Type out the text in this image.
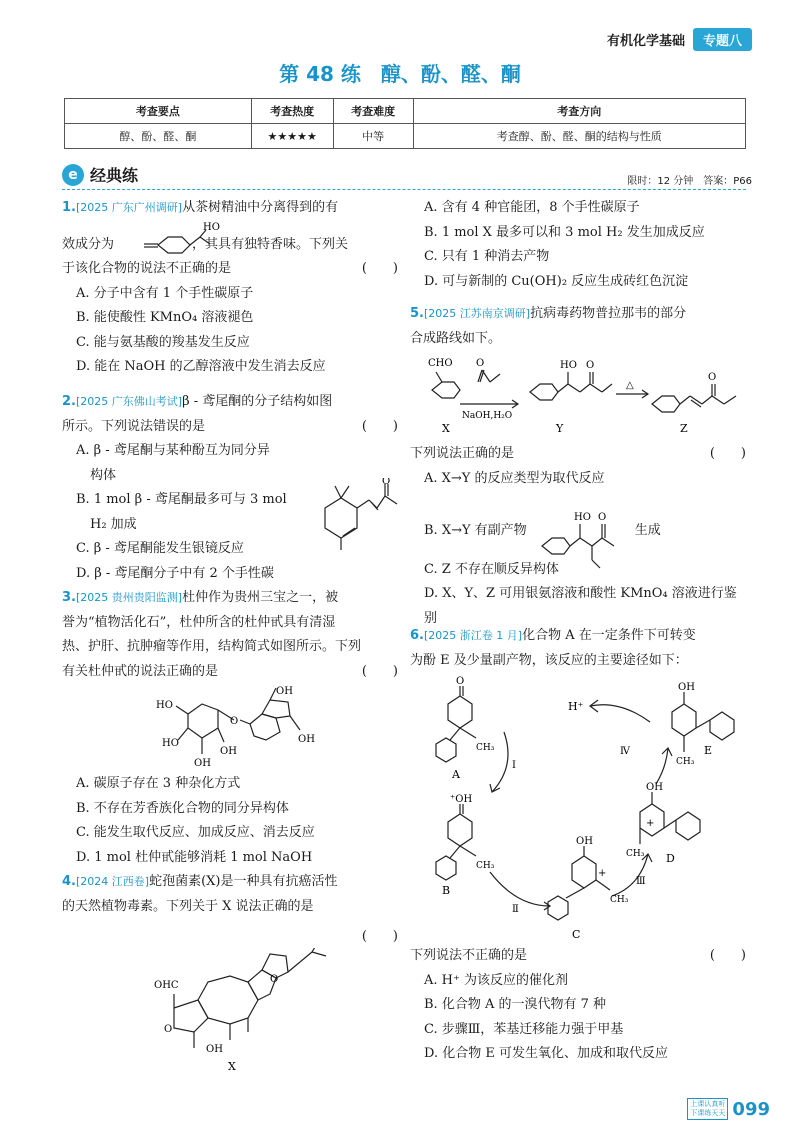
有机化学基础	专题八
第 48 练　醇、酚、醛、酮
考查要点	考查热度	考查难度	考查方向
醇、酚、醛、酮	★★★★★	中等	考查醇、酚、醛、酮的结构与性质
e 经典练	限时：12 分钟　答案：P66

1.[2025 广东广州调研]从茶树精油中分离得到的有

效成分为	，其具有独特香味。下列关

于该化合物的说法不正确的是	(　　)

A. 分子中含有 1 个手性碳原子

B. 能使酸性 KMnO₄ 溶液褪色

C. 能与氨基酸的羧基发生反应

D. 能在 NaOH 的乙醇溶液中发生消去反应

HO

2.[2025 广东佛山考试]β - 鸢尾酮的分子结构如图

所示。下列说法错误的是	(　　)

A. β - 鸢尾酮与某种酚互为同分异

构体

B. 1 mol β - 鸢尾酮最多可与 3 mol

H₂ 加成

C. β - 鸢尾酮能发生银镜反应

D. β - 鸢尾酮分子中有 2 个手性碳

O

3.[2025 贵州贵阳监测]杜仲作为贵州三宝之一，被

誉为“植物活化石”，杜仲所含的杜仲甙具有清湿

热、护肝、抗肿瘤等作用，结构简式如图所示。下列

有关杜仲甙的说法正确的是	(　　)

HO
HO
OH
OH
O
OH
OH

A. 碳原子存在 3 种杂化方式

B. 不存在芳香族化合物的同分异构体

C. 能发生取代反应、加成反应、消去反应

D. 1 mol 杜仲甙能够消耗 1 mol NaOH

4.[2024 江西卷]蛇孢菌素(X)是一种具有抗癌活性

的天然植物毒素。下列关于 X 说法正确的是

(　　)

OHC
O
OH
O
X

A. 含有 4 种官能团，8 个手性碳原子

B. 1 mol X 最多可以和 3 mol H₂ 发生加成反应

C. 只有 1 种消去产物

D. 可与新制的 Cu(OH)₂ 反应生成砖红色沉淀

5.[2025 江苏南京调研]抗病毒药物普拉那韦的部分

合成路线如下。

CHO O
NaOH,H₂O
HO O
△
O
X	Y	Z

下列说法正确的是	(　　)

A. X→Y 的反应类型为取代反应

B. X→Y 有副产物	生成

C. Z 不存在顺反异构体

D. X、Y、Z 可用银氨溶液和酸性 KMnO₄ 溶液进行鉴别

HO O

6.[2025 浙江卷 1 月]化合物 A 在一定条件下可转变

为酚 E 及少量副产物，该反应的主要途径如下：

O
CH₃
A
⁺OH
CH₃
B
OH
+
CH₃
C
OH
+
CH₃ D
OH
CH₃
E
H⁺
Ⅰ
Ⅱ
Ⅲ
Ⅳ

下列说法不正确的是	(　　)

A. H⁺ 为该反应的催化剂

B. 化合物 A 的一溴代物有 7 种

C. 步骤Ⅲ，苯基迁移能力强于甲基

D. 化合物 E 可发生氧化、加成和取代反应

上课认真听
下课练天天 099
